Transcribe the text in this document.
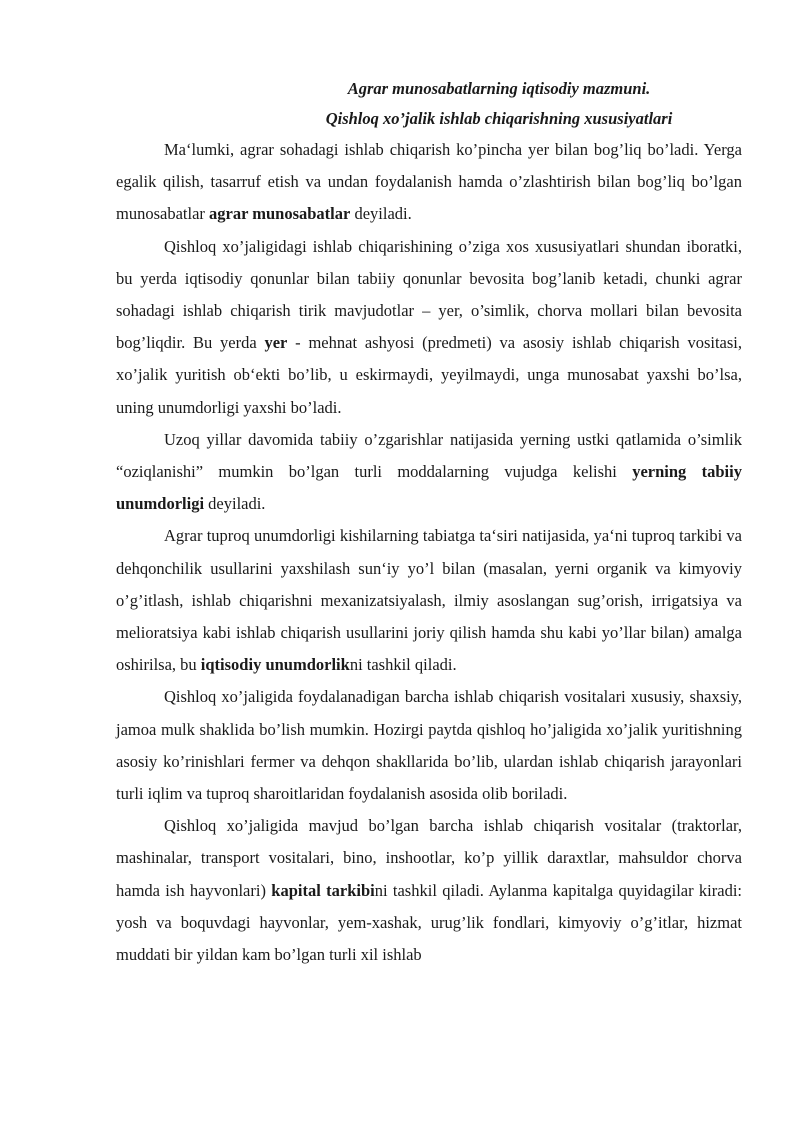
Agrar munosabatlarning iqtisodiy mazmuni.

Qishloq xo’jalik ishlab chiqarishning xususiyatlari

Ma‘lumki, agrar sohadagi ishlab chiqarish ko’pincha yer bilan bog’liq bo’ladi. Yerga egalik qilish, tasarruf etish va undan foydalanish hamda o’zlashtirish bilan bog’liq bo’lgan munosabatlar agrar munosabatlar deyiladi.

Qishloq xo’jaligidagi ishlab chiqarishining o’ziga xos xususiyatlari shundan iboratki, bu yerda iqtisodiy qonunlar bilan tabiiy qonunlar bevosita bog’lanib ketadi, chunki agrar sohadagi ishlab chiqarish tirik mavjudotlar – yer, o’simlik, chorva mollari bilan bevosita bog’liqdir. Bu yerda yer - mehnat ashyosi (predmeti) va asosiy ishlab chiqarish vositasi, xo’jalik yuritish ob‘ekti bo’lib, u eskirmaydi, yeyilmaydi, unga munosabat yaxshi bo’lsa, uning unumdorligi yaxshi bo’ladi.

Uzoq yillar davomida tabiiy o’zgarishlar natijasida yerning ustki qatlamida o’simlik “oziqlanishi” mumkin bo’lgan turli moddalarning vujudga kelishi yerning tabiiy unumdorligi deyiladi.

Agrar tuproq unumdorligi kishilarning tabiatga ta‘siri natijasida, ya‘ni tuproq tarkibi va dehqonchilik usullarini yaxshilash sun‘iy yo’l bilan (masalan, yerni organik va kimyoviy o’g’itlash, ishlab chiqarishni mexanizatsiyalash, ilmiy asoslangan sug’orish, irrigatsiya va melioratsiya kabi ishlab chiqarish usullarini joriy qilish hamda shu kabi yo’llar bilan) amalga oshirilsa, bu iqtisodiy unumdorlikni tashkil qiladi.

Qishloq xo’jaligida foydalanadigan barcha ishlab chiqarish vositalari xususiy, shaxsiy, jamoa mulk shaklida bo’lish mumkin. Hozirgi paytda qishloq ho’jaligida xo’jalik yuritishning asosiy ko’rinishlari fermer va dehqon shakllarida bo’lib, ulardan ishlab chiqarish jarayonlari turli iqlim va tuproq sharoitlaridan foydalanish asosida olib boriladi.

Qishloq xo’jaligida mavjud bo’lgan barcha ishlab chiqarish vositalar (traktorlar, mashinalar, transport vositalari, bino, inshootlar, ko’p yillik daraxtlar, mahsuldor chorva hamda ish hayvonlari) kapital tarkibini tashkil qiladi. Aylanma kapitalga quyidagilar kiradi: yosh va boquvdagi hayvonlar, yem-xashak, urug’lik fondlari, kimyoviy o’g’itlar, hizmat muddati bir yildan kam bo’lgan turli xil ishlab
